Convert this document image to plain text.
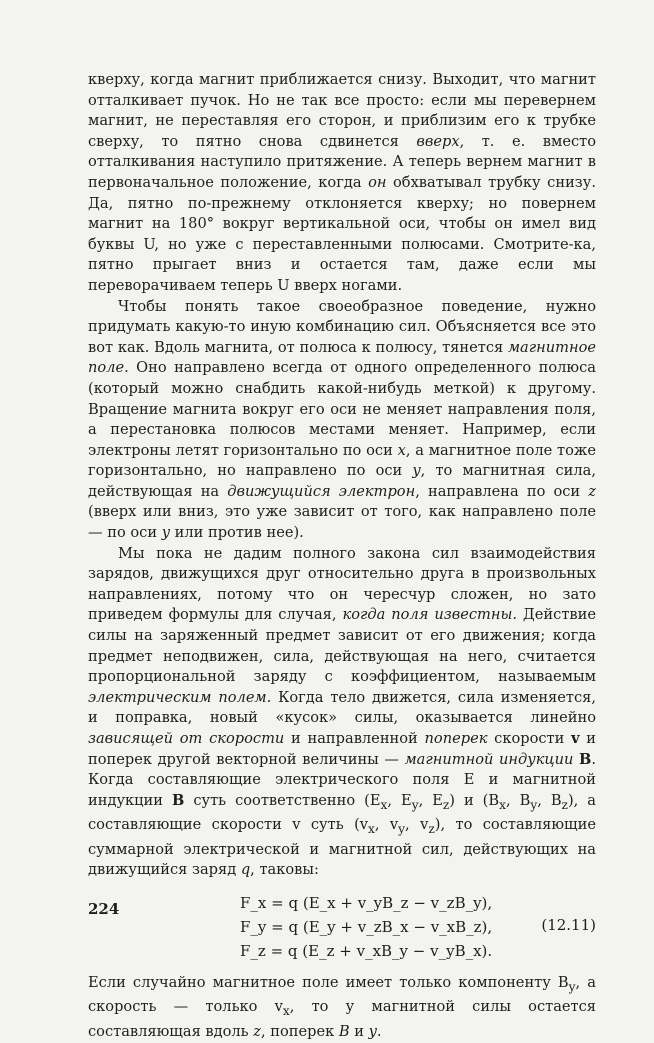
кверху, когда магнит приближается снизу. Выходит, что магнит отталкивает пучок. Но не так все просто: если мы перевернем магнит, не переставляя его сторон, и приблизим его к трубке сверху, то пятно снова сдвинется вверх, т. е. вместо отталкивания наступило притяжение. А теперь вернем магнит в первоначальное положение, когда он обхватывал трубку снизу. Да, пятно по-прежнему отклоняется кверху; но повернем магнит на 180° вокруг вертикальной оси, чтобы он имел вид буквы U, но уже с переставленными полюсами. Смотрите-ка, пятно прыгает вниз и остается там, даже если мы переворачиваем теперь U вверх ногами.

Чтобы понять такое своеобразное поведение, нужно придумать какую-то иную комбинацию сил. Объясняется все это вот как. Вдоль магнита, от полюса к полюсу, тянется магнитное поле. Оно направлено всегда от одного определенного полюса (который можно снабдить какой-нибудь меткой) к другому. Вращение магнита вокруг его оси не меняет направления поля, а перестановка полюсов местами меняет. Например, если электроны летят горизонтально по оси x, а магнитное поле тоже горизонтально, но направлено по оси y, то магнитная сила, действующая на движущийся электрон, направлена по оси z (вверх или вниз, это уже зависит от того, как направлено поле — по оси y или против нее).

Мы пока не дадим полного закона сил взаимодействия зарядов, движущихся друг относительно друга в произвольных направлениях, потому что он чересчур сложен, но зато приведем формулы для случая, когда поля известны. Действие силы на заряженный предмет зависит от его движения; когда предмет неподвижен, сила, действующая на него, считается пропорциональной заряду с коэффициентом, называемым электрическим полем. Когда тело движется, сила изменяется, и поправка, новый «кусок» силы, оказывается линейно зависящей от скорости и направленной поперек скорости v и поперек другой векторной величины — магнитной индукции B. Когда составляющие электрического поля E и магнитной индукции B суть соответственно ($E_x$, $E_y$, $E_z$) и ($B_x$, $B_y$, $B_z$), а составляющие скорости v суть ($v_x$, $v_y$, $v_z$), то составляющие суммарной электрической и магнитной сил, действующих на движущийся заряд q, таковы:

F_x = q (E_x + v_yB_z − v_zB_y),
F_y = q (E_y + v_zB_x − v_xB_z),
F_z = q (E_z + v_xB_y − v_yB_x).
(12.11)

Если случайно магнитное поле имеет только компоненту $B_y$, а скорость — только $v_x$, то у магнитной силы остается составляющая вдоль z, поперек B и y.

224
